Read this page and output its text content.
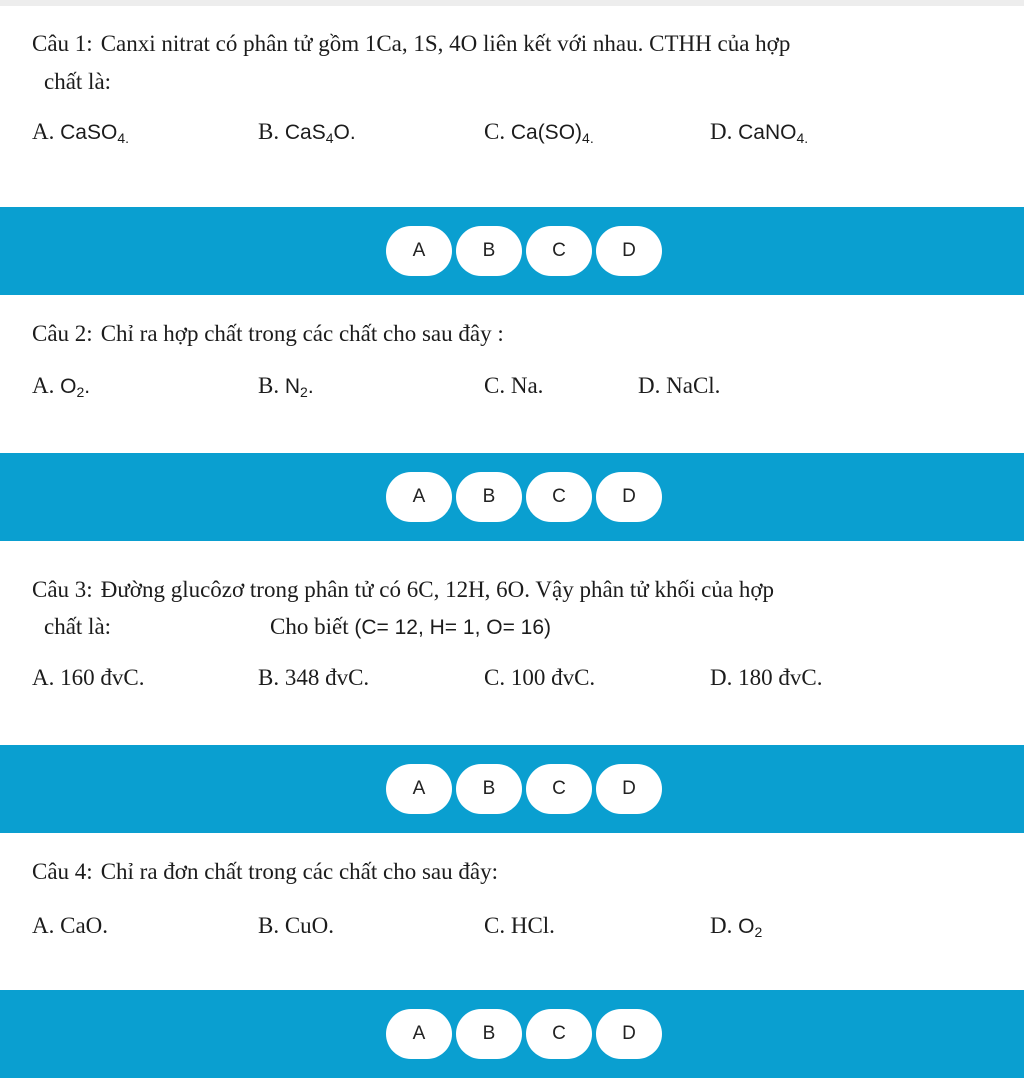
Câu 1: Canxi nitrat có phân tử gồm 1Ca, 1S, 4O liên kết với nhau. CTHH của hợp
chất là:
A. CaSO$_{4.}$	B. CaS$_4$O.	C. $Ca(SO)_{4.}$	D. CaNO$_{4.}$
A	B	C	D
Câu 2: Chỉ ra hợp chất trong các chất cho sau đây :
A. $O_2$.	B. $N_2$.	C. Na.	D. NaCl.
A	B	C	D
Câu 3: Đường glucôzơ trong phân tử có 6C, 12H, 6O. Vậy phân tử khối của hợp
chất là:	Cho biết (C= 12, H= 1, O= 16)
A. 160 đvC.	B. 348 đvC.	C. 100 đvC.	D. 180 đvC.
A	B	C	D
Câu 4: Chỉ ra đơn chất trong các chất cho sau đây:
A. CaO.	B. CuO.	C. HCl.	D. $O_2$
A	B	C	D
